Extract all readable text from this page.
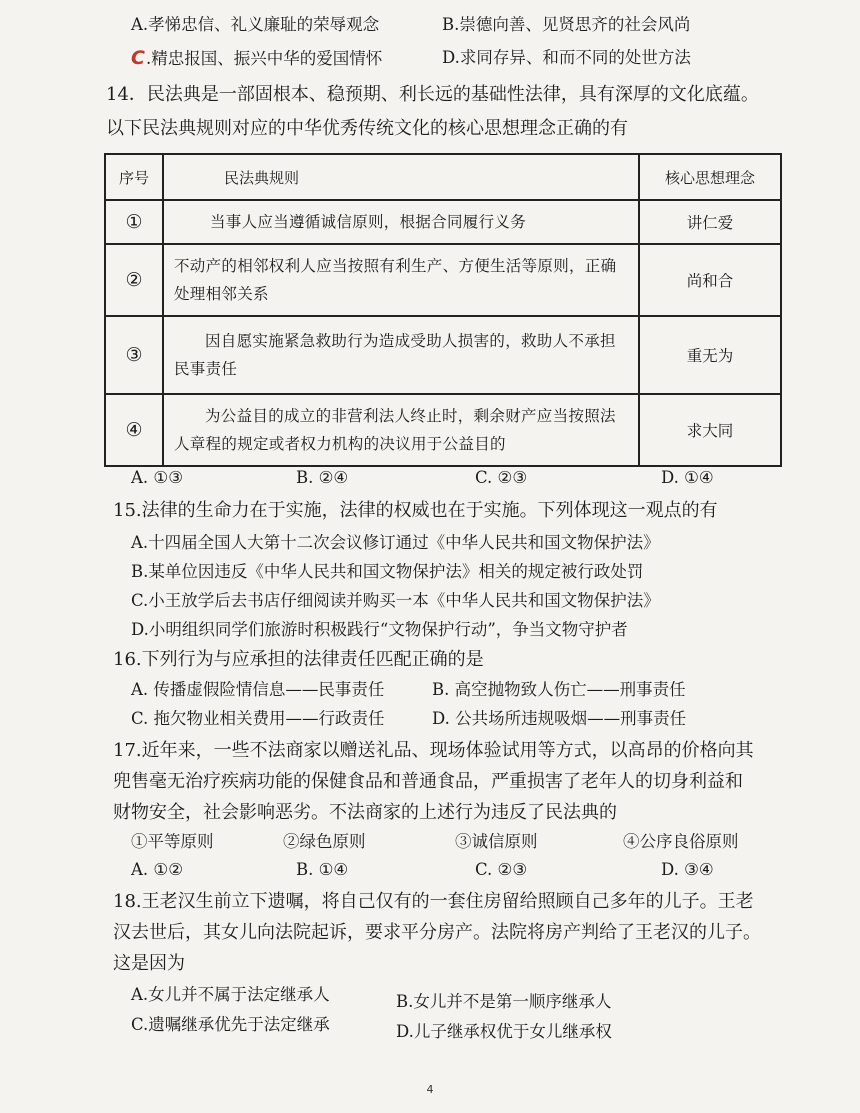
A.孝悌忠信、礼义廉耻的荣辱观念	B.崇德向善、见贤思齐的社会风尚
C.精忠报国、振兴中华的爱国情怀	D.求同存异、和而不同的处世方法
14．民法典是一部固根本、稳预期、利长远的基础性法律，具有深厚的文化底蕴。
以下民法典规则对应的中华优秀传统文化的核心思想理念正确的有
序号	民法典规则	核心思想理念
①	当事人应当遵循诚信原则，根据合同履行义务	讲仁爱
②	不动产的相邻权利人应当按照有利生产、方便生活等原则，正确处理相邻关系	尚和合
③	因自愿实施紧急救助行为造成受助人损害的，救助人不承担民事责任	重无为
④	为公益目的成立的非营利法人终止时，剩余财产应当按照法人章程的规定或者权力机构的决议用于公益目的	求大同
A. ①③	B. ②④	C. ②③	D. ①④
15.法律的生命力在于实施，法律的权威也在于实施。下列体现这一观点的有
A.十四届全国人大第十二次会议修订通过《中华人民共和国文物保护法》
B.某单位因违反《中华人民共和国文物保护法》相关的规定被行政处罚
C.小王放学后去书店仔细阅读并购买一本《中华人民共和国文物保护法》
D.小明组织同学们旅游时积极践行“文物保护行动”，争当文物守护者
16.下列行为与应承担的法律责任匹配正确的是
A. 传播虚假险情信息——民事责任	B. 高空抛物致人伤亡——刑事责任
C. 拖欠物业相关费用——行政责任	D. 公共场所违规吸烟——刑事责任
17.近年来，一些不法商家以赠送礼品、现场体验试用等方式，以高昂的价格向其
兜售毫无治疗疾病功能的保健食品和普通食品，严重损害了老年人的切身利益和
财物安全，社会影响恶劣。不法商家的上述行为违反了民法典的
①平等原则	②绿色原则	③诚信原则	④公序良俗原则
A. ①②	B. ①④	C. ②③	D. ③④
18.王老汉生前立下遗嘱，将自己仅有的一套住房留给照顾自己多年的儿子。王老
汉去世后，其女儿向法院起诉，要求平分房产。法院将房产判给了王老汉的儿子。
这是因为
A.女儿并不属于法定继承人	B.女儿并不是第一顺序继承人
C.遗嘱继承优先于法定继承	D.儿子继承权优于女儿继承权
4
